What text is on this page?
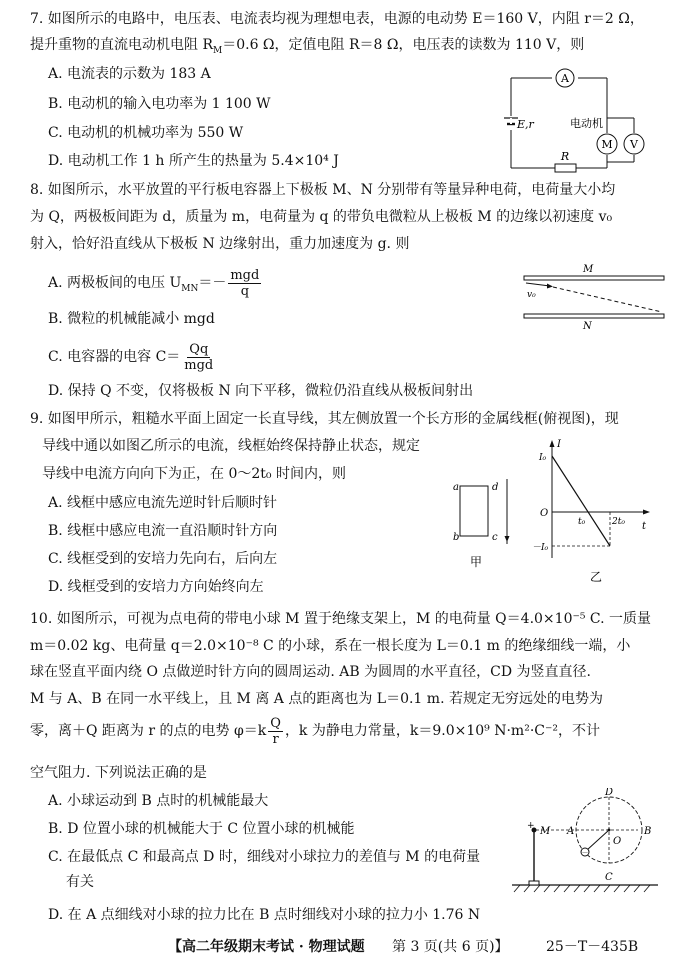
7. 如图所示的电路中，电压表、电流表均视为理想电表，电源的电动势 E＝160 V，内阻 r＝2 Ω，
提升重物的直流电动机电阻 $R_M=0.6$ Ω，定值电阻 R＝8 Ω，电压表的读数为 110 V，则
A. 电流表的示数为 183 A
B. 电动机的输入电功率为 1 100 W
C. 电动机的机械功率为 550 W
D. 电动机工作 1 h 所产生的热量为 5.4×10⁴ J
A
E,r
M
电动机
V
R
8. 如图所示，水平放置的平行板电容器上下极板 M、N 分别带有等量异种电荷，电荷量大小均
为 Q，两极板间距为 d，质量为 m，电荷量为 q 的带负电微粒从上极板 M 的边缘以初速度 v₀
射入，恰好沿直线从下极板 N 边缘射出，重力加速度为 g. 则
A. 两极板间的电压 $U_{MN}=- \frac{\text{mgd}}{q}$
B. 微粒的机械能减小 mgd
C. 电容器的电容 $C= \frac{Qq}{\text{mgd}}$
D. 保持 Q 不变，仅将极板 N 向下平移，微粒仍沿直线从极板间射出
M
N
v₀
9. 如图甲所示，粗糙水平面上固定一长直导线，其左侧放置一个长方形的金属线框(俯视图)，现
导线中通以如图乙所示的电流，线框始终保持静止状态，规定
导线中电流方向向下为正，在 0～2t₀ 时间内，则
A. 线框中感应电流先逆时针后顺时针
B. 线框中感应电流一直沿顺时针方向
C. 线框受到的安培力先向右，后向左
D. 线框受到的安培力方向始终向左
a
b	c
d
甲
I
t
O
I₀
－I₀
t₀	2t₀
乙
10. 如图所示，可视为点电荷的带电小球 M 置于绝缘支架上，M 的电荷量 Q＝4.0×10⁻⁵ C. 一质量
m＝0.02 kg、电荷量 q＝2.0×10⁻⁸ C 的小球，系在一根长度为 L＝0.1 m 的绝缘细线一端，小
球在竖直平面内绕 O 点做逆时针方向的圆周运动. AB 为圆周的水平直径，CD 为竖直直径.
M 与 A、B 在同一水平线上，且 M 离 A 点的距离也为 L＝0.1 m. 若规定无穷远处的电势为
零，离＋Q 距离为 r 的点的电势 $\varphi=k \frac{Q}{r}$ ，k 为静电力常量，k＝9.0×10⁹ N·m²·C⁻²，不计
空气阻力. 下列说法正确的是
A. 小球运动到 B 点时的机械能最大
B. D 位置小球的机械能大于 C 位置小球的机械能
C. 在最低点 C 和最高点 D 时，细线对小球拉力的差值与 M 的电荷量
有关
D. 在 A 点细线对小球的拉力比在 B 点时细线对小球的拉力小 1.76 N
M
O
A	B
C
D
－
+
【高二年级期末考试 · 物理试题 第 3 页(共 6 页)】	25－T－435B
